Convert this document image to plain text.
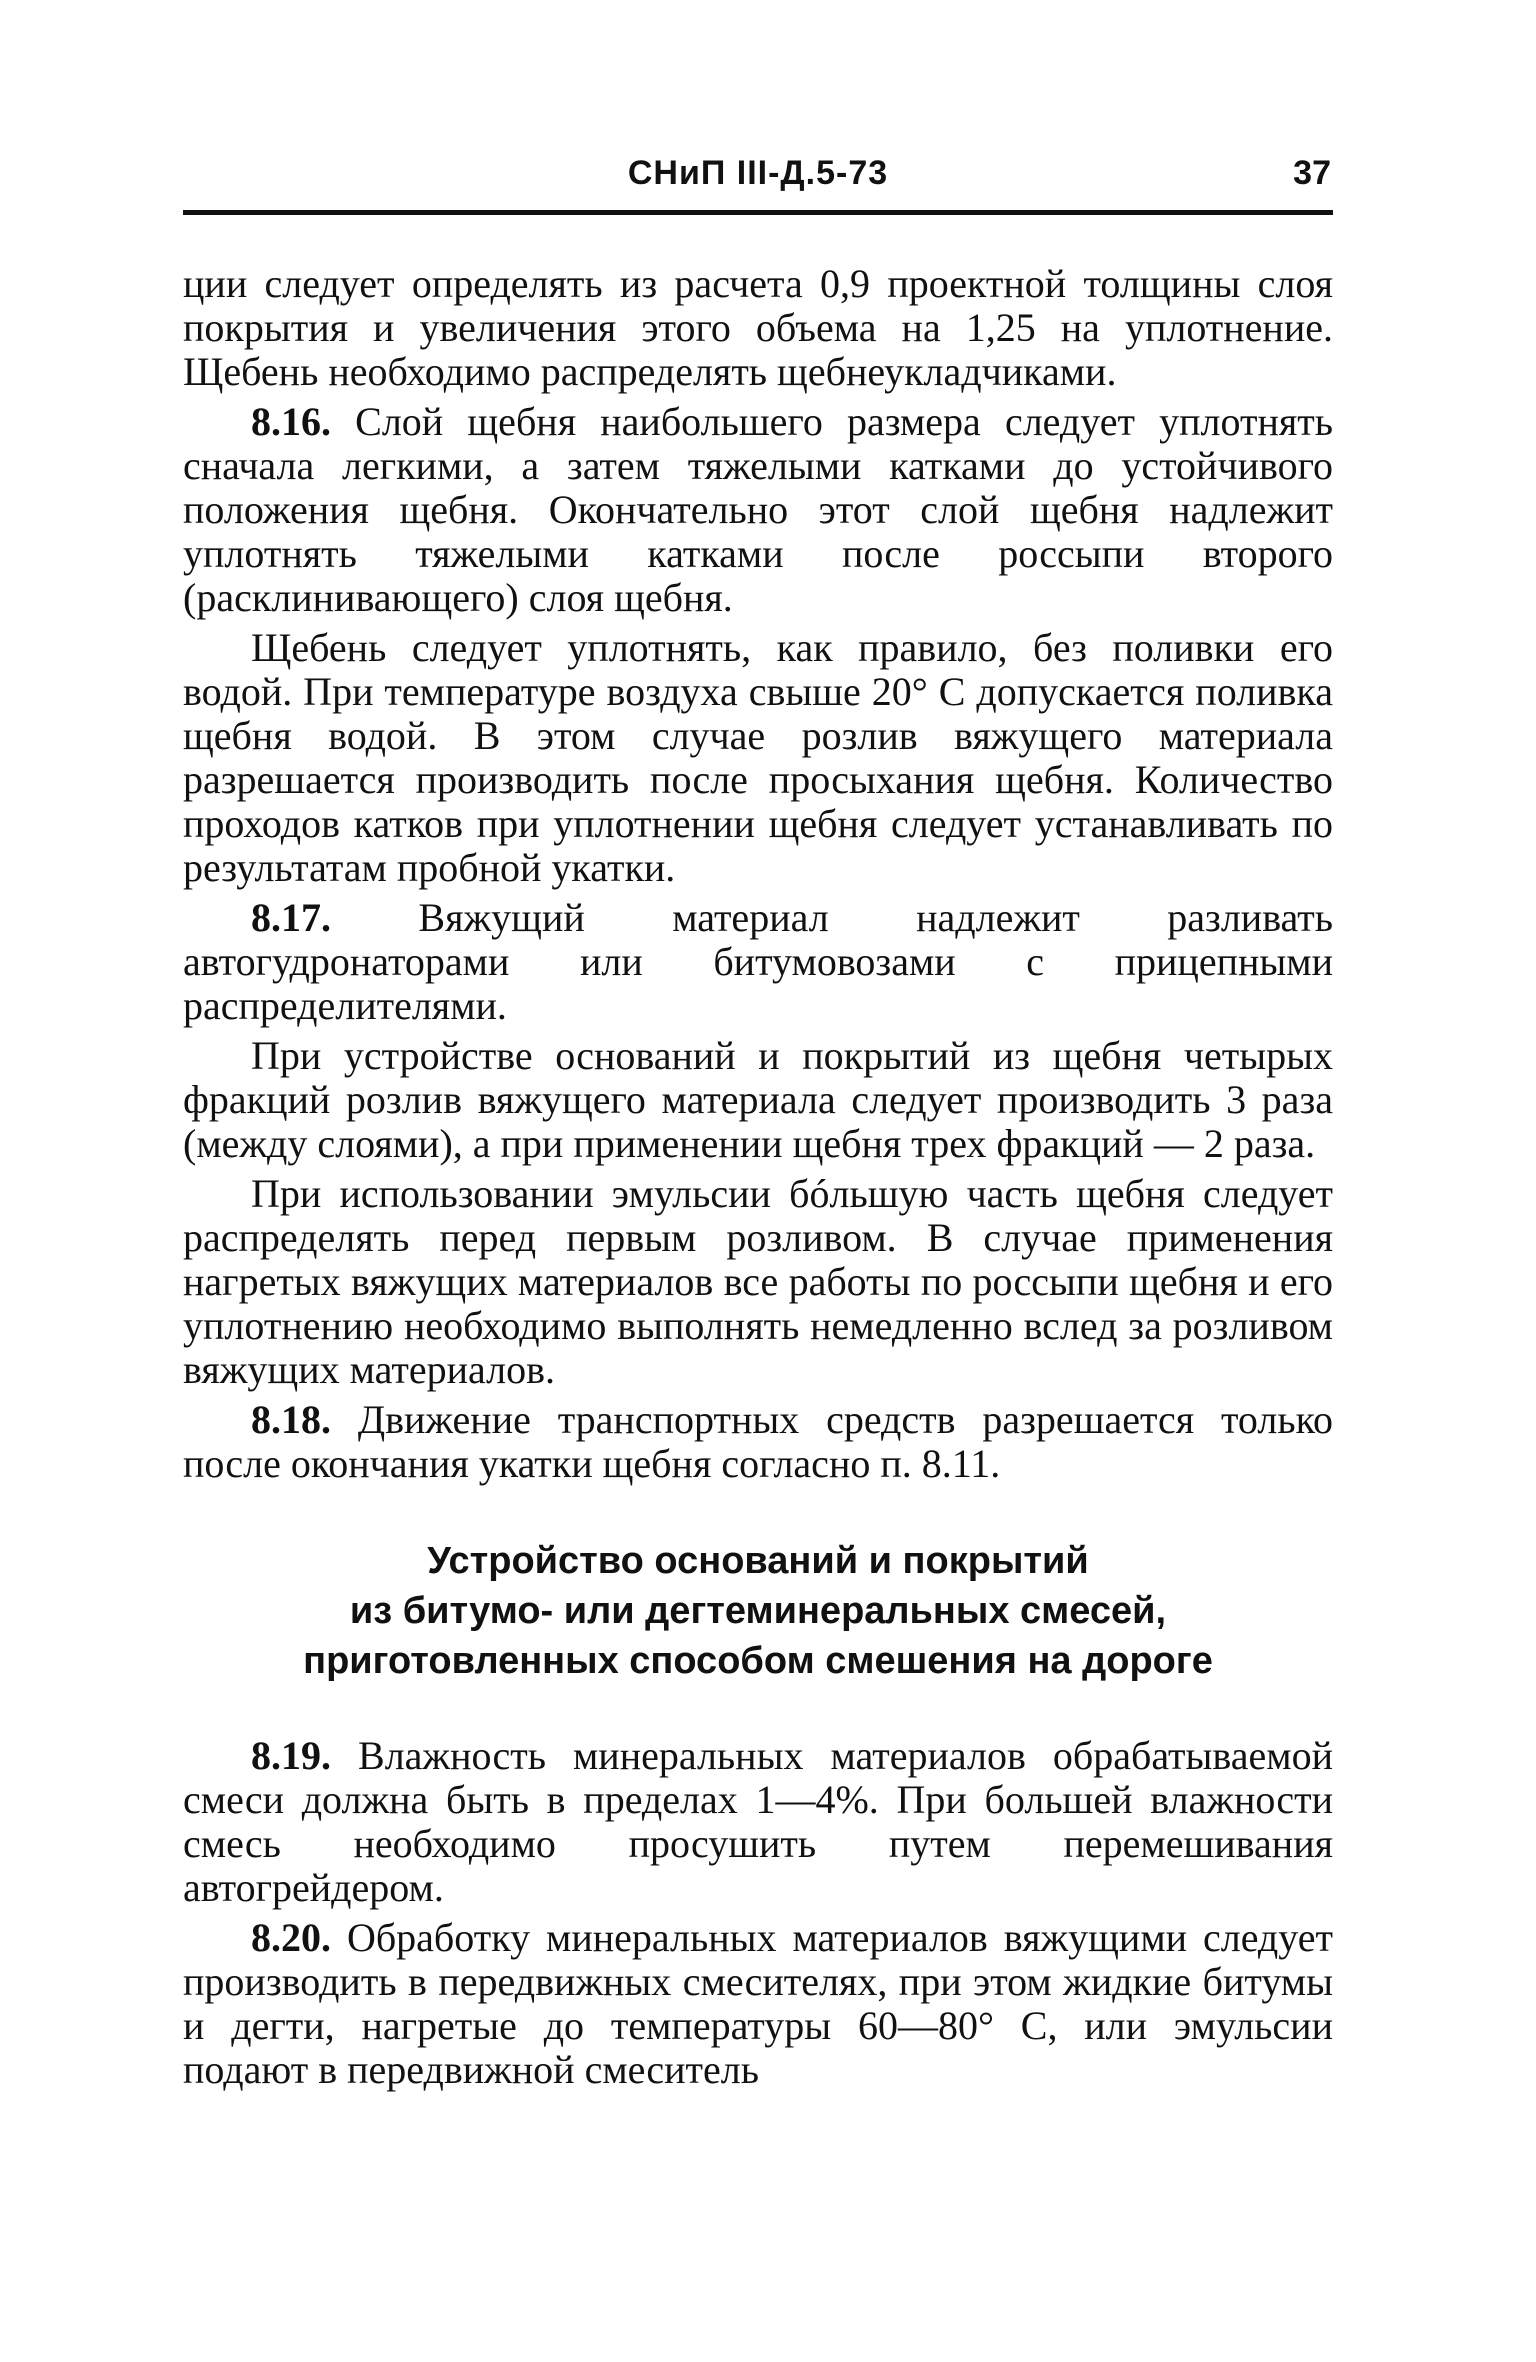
СНиП III-Д.5-73	37

ции следует определять из расчета 0,9 проектной толщины слоя покрытия и увеличения этого объема на 1,25 на уплотнение. Щебень необходимо распределять щебнеукладчиками.

8.16. Слой щебня наибольшего размера следует уплотнять сначала легкими, а затем тяжелыми катками до устойчивого положения щебня. Окончательно этот слой щебня надлежит уплотнять тяжелыми катками после россыпи второго (расклинивающего) слоя щебня.

Щебень следует уплотнять, как правило, без поливки его водой. При температуре воздуха свыше 20° С допускается поливка щебня водой. В этом случае розлив вяжущего материала разрешается производить после просыхания щебня. Количество проходов катков при уплотнении щебня следует устанавливать по результатам пробной укатки.

8.17. Вяжущий материал надлежит разливать автогудронаторами или битумовозами с прицепными распределителями.

При устройстве оснований и покрытий из щебня четырых фракций розлив вяжущего материала следует производить 3 раза (между слоями), а при применении щебня трех фракций — 2 раза.

При использовании эмульсии бóльшую часть щебня следует распределять перед первым розливом. В случае применения нагретых вяжущих материалов все работы по россыпи щебня и его уплотнению необходимо выполнять немедленно вслед за розливом вяжущих материалов.

8.18. Движение транспортных средств разрешается только после окончания укатки щебня согласно п. 8.11.

Устройство оснований и покрытий
из битумо- или дегтеминеральных смесей,
приготовленных способом смешения на дороге

8.19. Влажность минеральных материалов обрабатываемой смеси должна быть в пределах 1—4%. При большей влажности смесь необходимо просушить путем перемешивания автогрейдером.

8.20. Обработку минеральных материалов вяжущими следует производить в передвижных смесителях, при этом жидкие битумы и дегти, нагретые до температуры 60—80° С, или эмульсии подают в передвижной смеситель
